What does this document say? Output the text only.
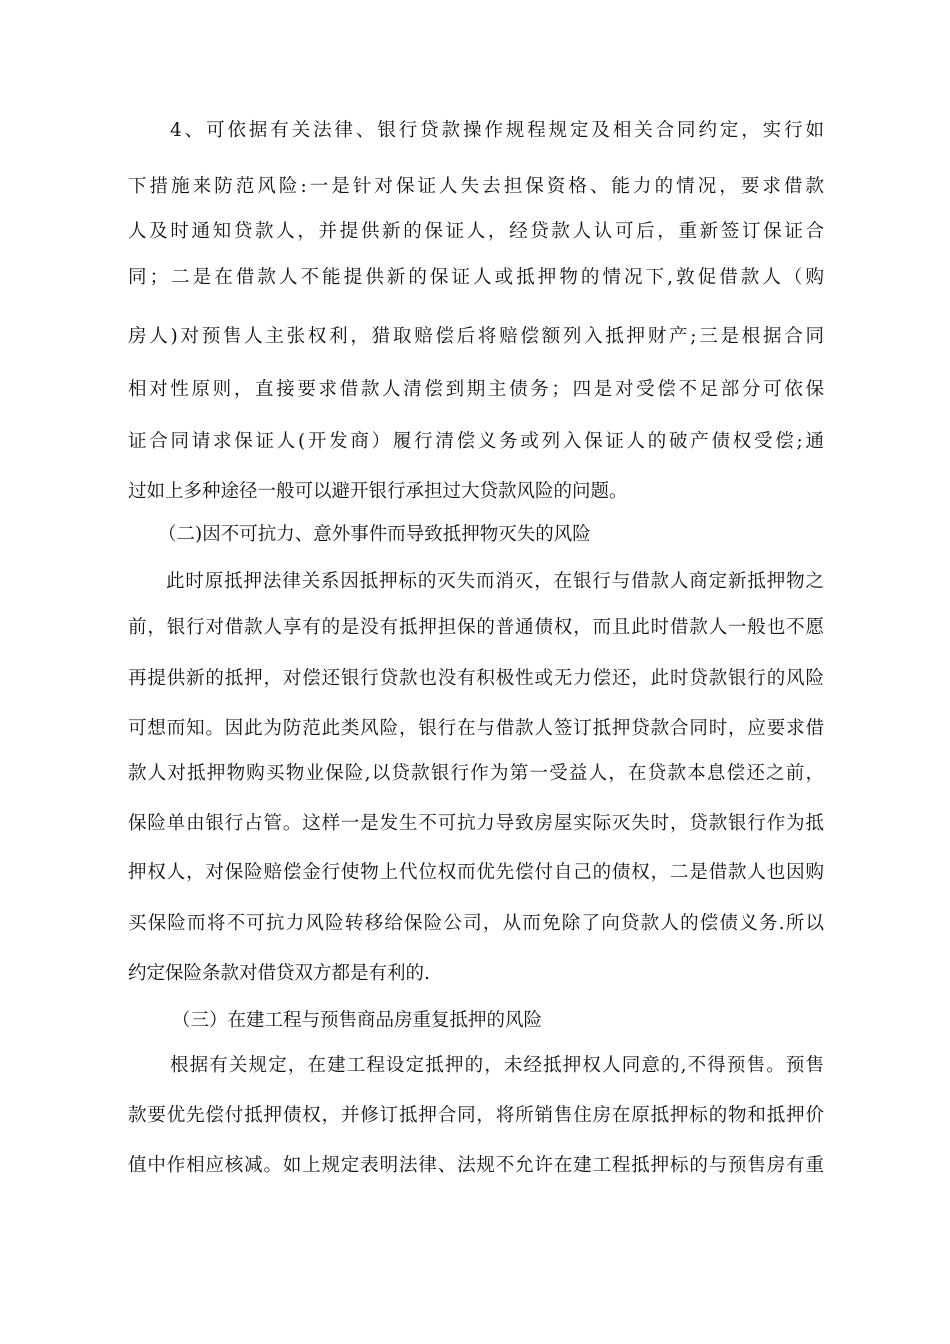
4、可依据有关法律、银行贷款操作规程规定及相关合同约定，实行如
下措施来防范风险:一是针对保证人失去担保资格、能力的情况，要求借款
人及时通知贷款人，并提供新的保证人，经贷款人认可后，重新签订保证合
同；二是在借款人不能提供新的保证人或抵押物的情况下,敦促借款人（购
房人)对预售人主张权利，猎取赔偿后将赔偿额列入抵押财产;三是根据合同
相对性原则，直接要求借款人清偿到期主债务；四是对受偿不足部分可依保
证合同请求保证人(开发商）履行清偿义务或列入保证人的破产债权受偿;通
过如上多种途径一般可以避开银行承担过大贷款风险的问题。
（二)因不可抗力、意外事件而导致抵押物灭失的风险
此时原抵押法律关系因抵押标的灭失而消灭，在银行与借款人商定新抵押物之
前，银行对借款人享有的是没有抵押担保的普通债权，而且此时借款人一般也不愿
再提供新的抵押，对偿还银行贷款也没有积极性或无力偿还，此时贷款银行的风险
可想而知。因此为防范此类风险，银行在与借款人签订抵押贷款合同时，应要求借
款人对抵押物购买物业保险,以贷款银行作为第一受益人，在贷款本息偿还之前，
保险单由银行占管。这样一是发生不可抗力导致房屋实际灭失时，贷款银行作为抵
押权人，对保险赔偿金行使物上代位权而优先偿付自己的债权，二是借款人也因购
买保险而将不可抗力风险转移给保险公司，从而免除了向贷款人的偿债义务.所以
约定保险条款对借贷双方都是有利的.
（三）在建工程与预售商品房重复抵押的风险
根据有关规定，在建工程设定抵押的，未经抵押权人同意的,不得预售。预售
款要优先偿付抵押债权，并修订抵押合同，将所销售住房在原抵押标的物和抵押价
值中作相应核减。如上规定表明法律、法规不允许在建工程抵押标的与预售房有重
